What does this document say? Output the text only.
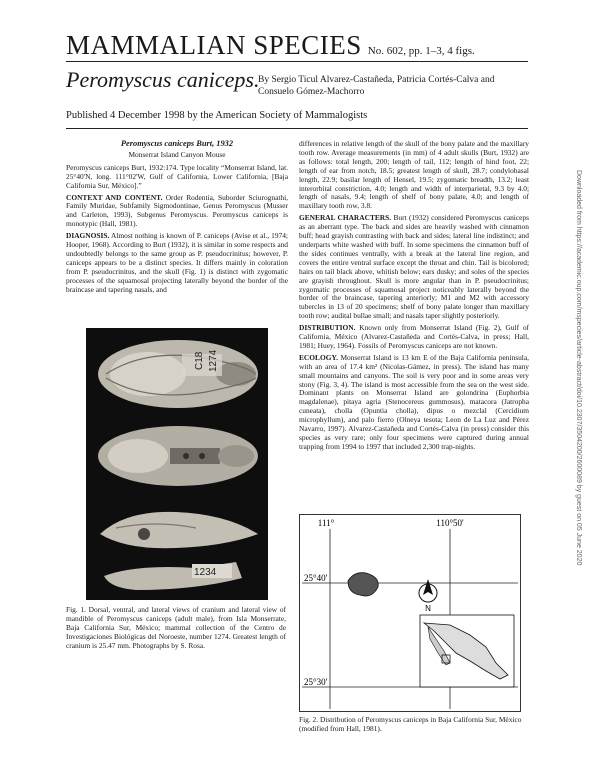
MAMMALIAN SPECIES No. 602, pp. 1–3, 4 figs.
Peromyscus caniceps.
By Sergio Ticul Alvarez-Castañeda, Patricia Cortés-Calva and Consuelo Gómez-Machorro
Published 4 December 1998 by the American Society of Mammalogists
Peromyscus caniceps Burt, 1932
Monserrat Island Canyon Mouse

Peromyscus caniceps Burt, 1932:174. Type locality “Monserrat Island, lat. 25°40'N, long. 111°02'W, Gulf of California, Lower California, [Baja California Sur, México].”

CONTEXT AND CONTENT. Order Rodentia, Suborder Sciurognathi, Family Muridae, Subfamily Sigmodontinae, Genus Peromyscus (Musser and Carleton, 1993), Subgenus Peromyscus. Peromyscus caniceps is monotypic (Hall, 1981).

DIAGNOSIS. Almost nothing is known of P. caniceps (Avise et al., 1974; Hooper, 1968). According to Burt (1932), it is similar in some respects and undoubtedly belongs to the same group as P. pseudocrinitus; however, P. caniceps appears to be a distinct species. It differs mainly in coloration from P. pseudocrinitus, and the skull (Fig. 1) is distinct with zygomatic processes of the squamosal projecting laterally beyond the border of the braincase and tapering nasals, and

C18 1274
1234
Fig. 1. Dorsal, ventral, and lateral views of cranium and lateral view of mandible of Peromyscus caniceps (adult male), from Isla Monserrate, Baja California Sur, México; mammal collection of the Centro de Investigaciones Biológicas del Noroeste, number 1274. Greatest length of cranium is 25.47 mm. Photographs by S. Rosa.

differences in relative length of the skull of the bony palate and the maxillary tooth row. Average measurements (in mm) of 4 adult skulls (Burt, 1932) are as follows: total length, 200; length of tail, 112; length of hind foot, 22; length of ear from notch, 18.5; greatest length of skull, 28.7; condylobasal length, 22.9; basilar length of Hensel, 19.5; zygomatic breadth, 13.2; least interorbital constriction, 4.0; length and width of interparietal, 9.3 by 4.0; length of nasals, 9.4; length of shelf of bony palate, 4.0; and length of maxillary tooth row, 3.8.

GENERAL CHARACTERS. Burt (1932) considered Peromyscus caniceps as an aberrant type. The back and sides are heavily washed with cinnamon buff; head grayish contrasting with back and sides; lateral line indistinct; and underparts white washed with buff. In some specimens the cinnamon buff of the sides continues ventrally, with a break at the lateral line region, and covers the entire ventral surface except the throat and chin. Tail is bicolored; hairs on tail black above, whitish below; ears dusky; and soles of the species are grayish throughout. Skull is more angular than in P. pseudocrinitus; zygomatic processes of squamosal project noticeably laterally beyond the border of the braincase, tapering anteriorly; M1 and M2 with accessory tubercles in 13 of 20 specimens; shelf of bony palate longer than maxillary tooth row; audital bullae small; and nasals taper slightly posteriorly.

DISTRIBUTION. Known only from Monserrat Island (Fig. 2), Gulf of California, México (Alvarez-Castañeda and Cortés-Calva, in press; Hall, 1981; Huey, 1964). Fossils of Peromyscus caniceps are not known.

ECOLOGY. Monserrat Island is 13 km E of the Baja California peninsula, with an area of 17.4 km² (Nicolas-Gámez, in press). The island has many small mountains and canyons. The soil is very poor and in some areas very stony (Fig. 3, 4). The island is most accessible from the sea on the west side. Dominant plants on Monserrat Island are golondrina (Euphorbia magdalenae), pitaya agria (Stenocereus gummosus), matacora (Jatropha cuneata), cholla (Opuntia cholla), dipus o mezclal (Cercidium microphyllum), and palo fierro (Olneya tesota; Leon de La Luz and Pérez Navarro, 1997). Alvarez-Castañeda and Cortés-Calva (in press) consider this species as very rare; only four specimens were captured during annual trapping from 1994 to 1997 that included 2,300 trap-nights.

111°	110°50'
25°40'
25°30'
N
Fig. 2. Distribution of Peromyscus caniceps in Baja California Sur, México (modified from Hall, 1981).
Downloaded from https://academic.oup.com/mspecies/article-abstract/doi/10.2307/3504200/2600089 by guest on 05 June 2020
